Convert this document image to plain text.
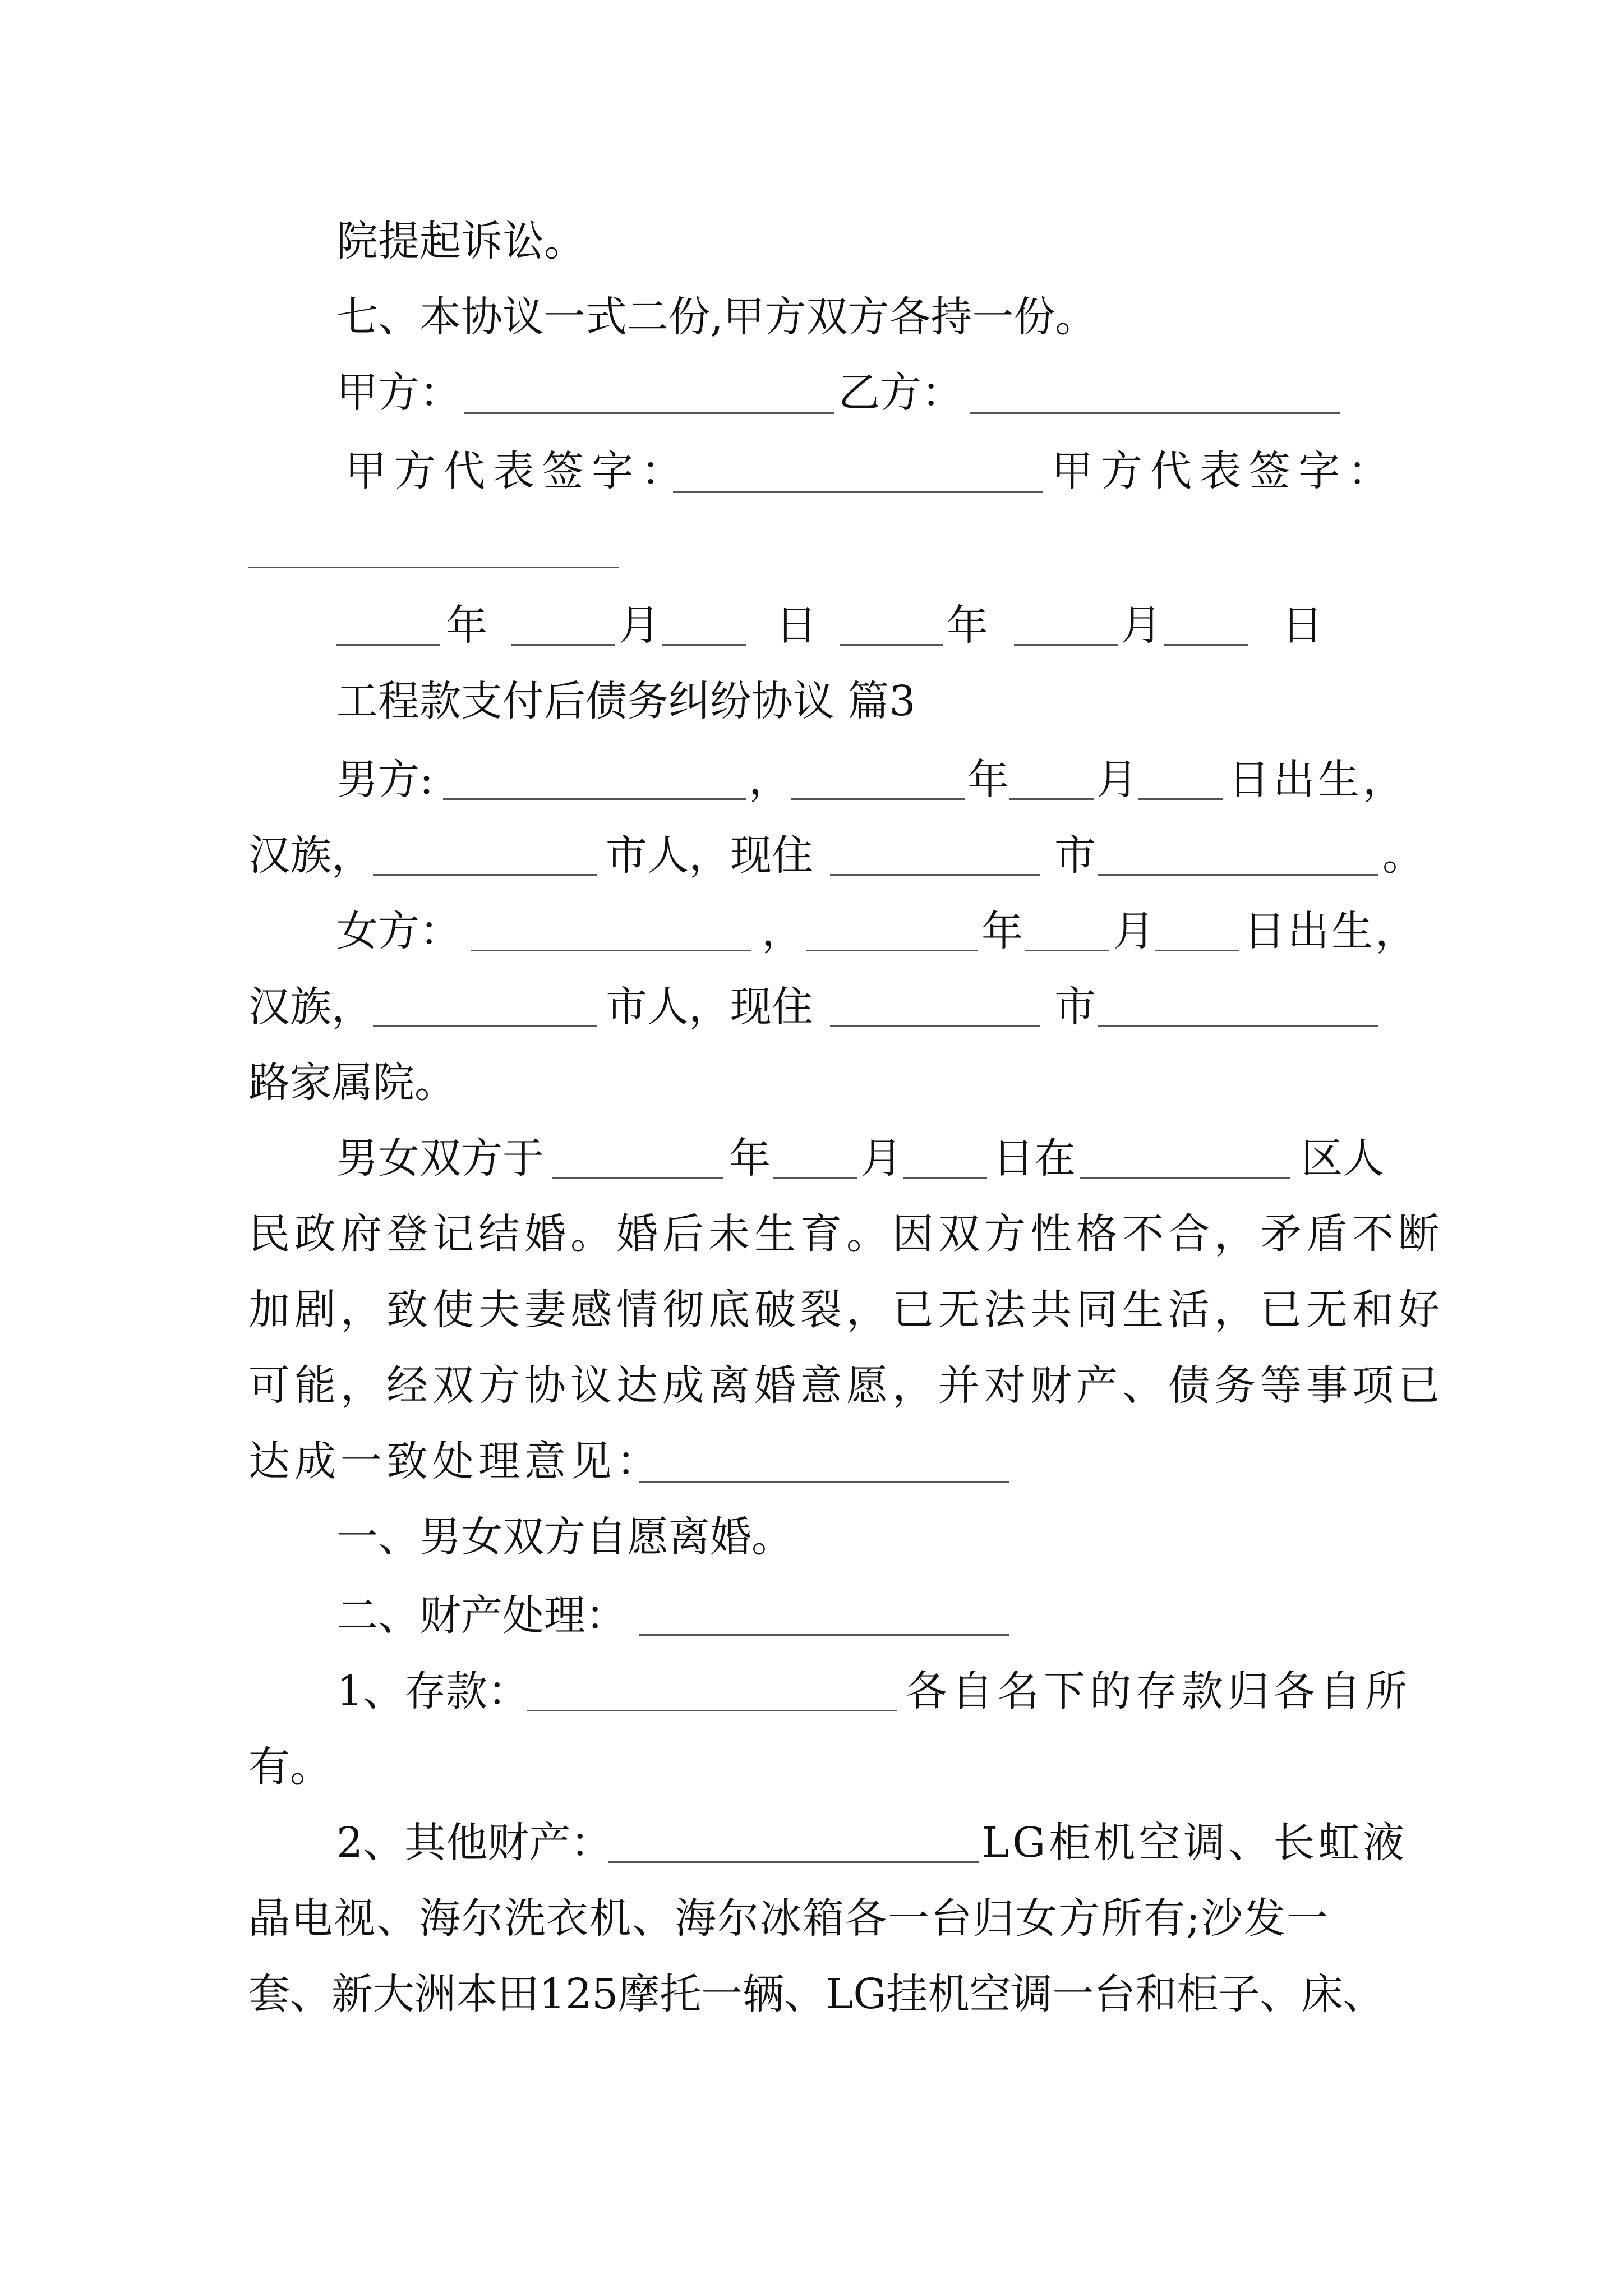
院提起诉讼。
七、本协议一式二份,甲方双方各持一份。
甲方：	乙方：
甲方代表签字：	甲方代表签字：
年	月	日	年	月	日
工程款支付后债务纠纷协议 篇3
男方:	，	年 月 日出生，
汉族，	市人，现住	市	。
女方：	，	年 月 日出生，
汉族，	市人，现住	市
路家属院。
男女双方于	年 月 日在	区人
民政府登记结婚。婚后未生育。因双方性格不合，矛盾不断
加剧，致使夫妻感情彻底破裂，已无法共同生活，已无和好
可能，经双方协议达成离婚意愿，并对财产、债务等事项已
达成一致处理意见：
一、男女双方自愿离婚。
二、财产处理：
1、存款：	各自名下的存款归各自所
有。
2、其他财产：	LG柜机空调、长虹液
晶电视、海尔洗衣机、海尔冰箱各一台归女方所有;沙发一
套、新大洲本田125摩托一辆、LG挂机空调一台和柜子、床、
